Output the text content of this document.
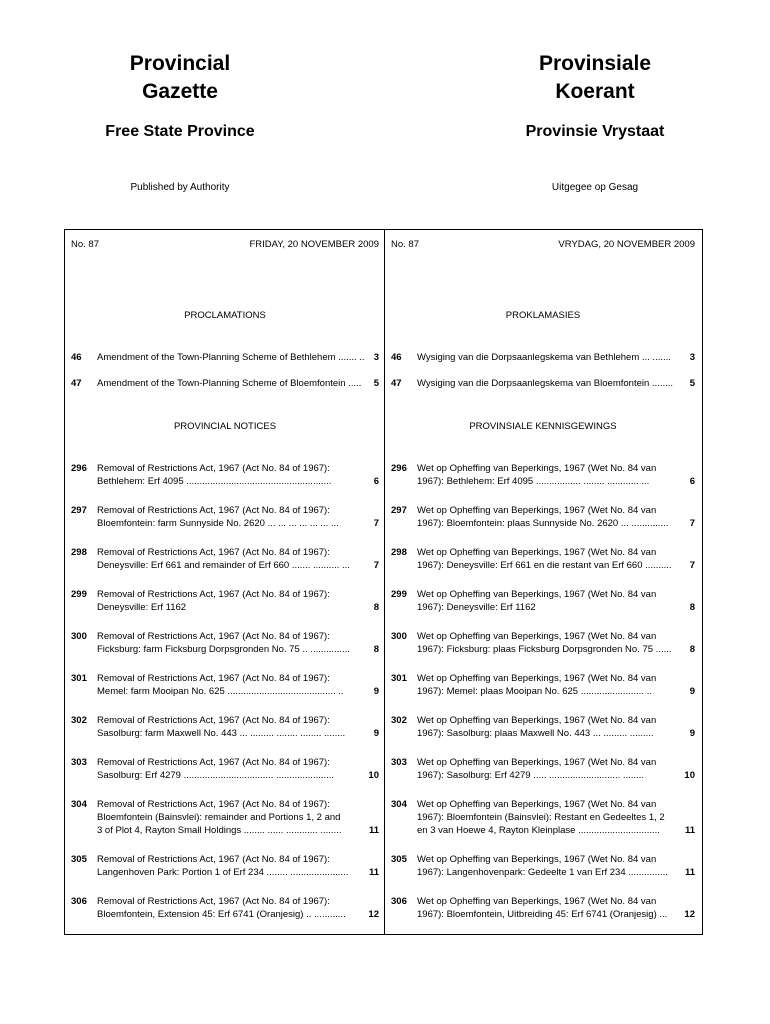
Provincial
Gazette
Free State Province
Published by Authority
Provinsiale
Koerant
Provinsie Vrystaat
Uitgegee op Gesag
No. 87	FRIDAY, 20 NOVEMBER 2009
PROCLAMATIONS
PROVINCIAL NOTICES
46	Amendment of the Town-Planning Scheme of Bethlehem ....... .. 3
47	Amendment of the Town-Planning Scheme of Bloemfontein .....	5
296	Removal of Restrictions Act, 1967 (Act No. 84 of 1967):
Bethlehem: Erf 4095 .......................................................	6
297	Removal of Restrictions Act, 1967 (Act No. 84 of 1967):
Bloemfontein: farm Sunnyside No. 2620 ... ... ... ... ... ... ...	7
298	Removal of Restrictions Act, 1967 (Act No. 84 of 1967):
Deneysville: Erf 661 and remainder of Erf 660 ....... .......... ...	7
299	Removal of Restrictions Act, 1967 (Act No. 84 of 1967):
Deneysville: Erf 1162	8
300	Removal of Restrictions Act, 1967 (Act No. 84 of 1967):
Ficksburg: farm Ficksburg Dorpsgronden No. 75 .. ...............	8
301	Removal of Restrictions Act, 1967 (Act No. 84 of 1967):
Memel: farm Mooipan No. 625 ......................................... ..	9
302	Removal of Restrictions Act, 1967 (Act No. 84 of 1967):
Sasolburg: farm Maxwell No. 443 ... ......... ........ ........ ........	9
303	Removal of Restrictions Act, 1967 (Act No. 84 of 1967):
Sasolburg: Erf 4279 .................................. ......................	10
304	Removal of Restrictions Act, 1967 (Act No. 84 of 1967):
Bloemfontein (Bainsvlei): remainder and Portions 1, 2 and
3 of Plot 4, Rayton Small Holdings ........ ...... ............ ........	11
305	Removal of Restrictions Act, 1967 (Act No. 84 of 1967):
Langenhoven Park: Portion 1 of Erf 234 ........ ......................	11
306	Removal of Restrictions Act, 1967 (Act No. 84 of 1967):
Bloemfontein, Extension 45: Erf 6741 (Oranjesig) .. ............	12
No. 87	VRYDAG, 20 NOVEMBER 2009
PROKLAMASIES
PROVINSIALE KENNISGEWINGS
46	Wysiging van die Dorpsaanlegskema van Bethlehem ... .......	3
47	Wysiging van die Dorpsaanlegskema van Bloemfontein ........	5
296	Wet op Opheffing van Beperkings, 1967 (Wet No. 84 van
1967): Bethlehem: Erf 4095 ................. ........ ............ ...	6
297	Wet op Opheffing van Beperkings, 1967 (Wet No. 84 van
1967): Bloemfontein: plaas Sunnyside No. 2620 ... ..............	7
298	Wet op Opheffing van Beperkings, 1967 (Wet No. 84 van
1967): Deneysville: Erf 661 en die restant van Erf 660 ..........	7
299	Wet op Opheffing van Beperkings, 1967 (Wet No. 84 van
1967): Deneysville: Erf 1162	8
300	Wet op Opheffing van Beperkings, 1967 (Wet No. 84 van
1967): Ficksburg: plaas Ficksburg Dorpsgronden No. 75 ......	8
301	Wet op Opheffing van Beperkings, 1967 (Wet No. 84 van
1967): Memel: plaas Mooipan No. 625 ........................ ..	9
302	Wet op Opheffing van Beperkings, 1967 (Wet No. 84 van
1967): Sasolburg: plaas Maxwell No. 443 ... ......... .........	9
303	Wet op Opheffing van Beperkings, 1967 (Wet No. 84 van
1967): Sasolburg: Erf 4279 ..... ........................... ........	10
304	Wet op Opheffing van Beperkings, 1967 (Wet No. 84 van
1967): Bloemfontein (Bainsvlei): Restant en Gedeeltes 1, 2
en 3 van Hoewe 4, Rayton Kleinplase ...............................	11
305	Wet op Opheffing van Beperkings, 1967 (Wet No. 84 van
1967): Langenhovenpark: Gedeelte 1 van Erf 234 ...............	11
306	Wet op Opheffing van Beperkings, 1967 (Wet No. 84 van
1967): Bloemfontein, Uitbreiding 45: Erf 6741 (Oranjesig) ...	12
